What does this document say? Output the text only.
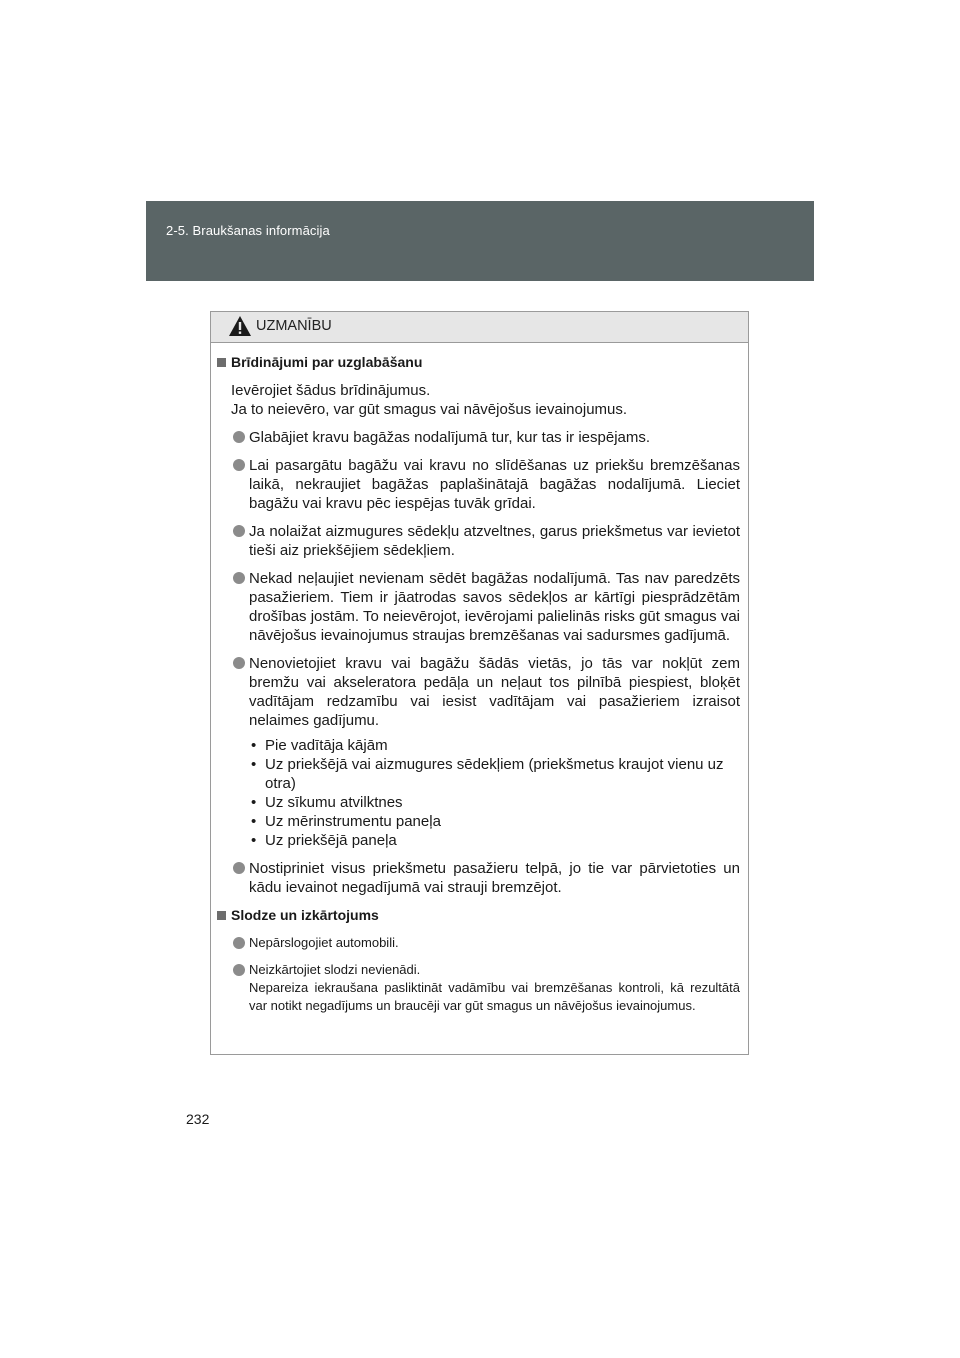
2-5. Braukšanas informācija
UZMANĪBU
Brīdinājumi par uzglabāšanu
Ievērojiet šādus brīdinājumus.
Ja to neievēro, var gūt smagus vai nāvējošus ievainojumus.
Glabājiet kravu bagāžas nodalījumā tur, kur tas ir iespējams.
Lai pasargātu bagāžu vai kravu no slīdēšanas uz priekšu bremzēšanas laikā, nekraujiet bagāžas paplašinātajā bagāžas nodalījumā. Lieciet bagāžu vai kravu pēc iespējas tuvāk grīdai.
Ja nolaižat aizmugures sēdekļu atzveltnes, garus priekšmetus var ievietot tieši aiz priekšējiem sēdekļiem.
Nekad neļaujiet nevienam sēdēt bagāžas nodalījumā. Tas nav paredzēts pasažieriem. Tiem ir jāatrodas savos sēdekļos ar kārtīgi piesprādzētām drošības jostām. To neievērojot, ievērojami palielinās risks gūt smagus vai nāvējošus ievainojumus straujas bremzēšanas vai sadursmes gadījumā.
Nenovietojiet kravu vai bagāžu šādās vietās, jo tās var nokļūt zem bremžu vai akseleratora pedāļa un neļaut tos pilnībā piespiest, bloķēt vadītājam redzamību vai iesist vadītājam vai pasažieriem izraisot nelaimes gadījumu.
• Pie vadītāja kājām
• Uz priekšējā vai aizmugures sēdekļiem (priekšmetus kraujot vienu uz otra)
• Uz sīkumu atvilktnes
• Uz mērinstrumentu paneļa
• Uz priekšējā paneļa
Nostipriniet visus priekšmetu pasažieru telpā, jo tie var pārvietoties un kādu ievainot negadījumā vai strauji bremzējot.
Slodze un izkārtojums
Nepārslogojiet automobili.
Neizkārtojiet slodzi nevienādi.
Nepareiza iekraušana pasliktināt vadāmību vai bremzēšanas kontroli, kā rezultātā var notikt negadījums un braucēji var gūt smagus un nāvējošus ievainojumus.
232
